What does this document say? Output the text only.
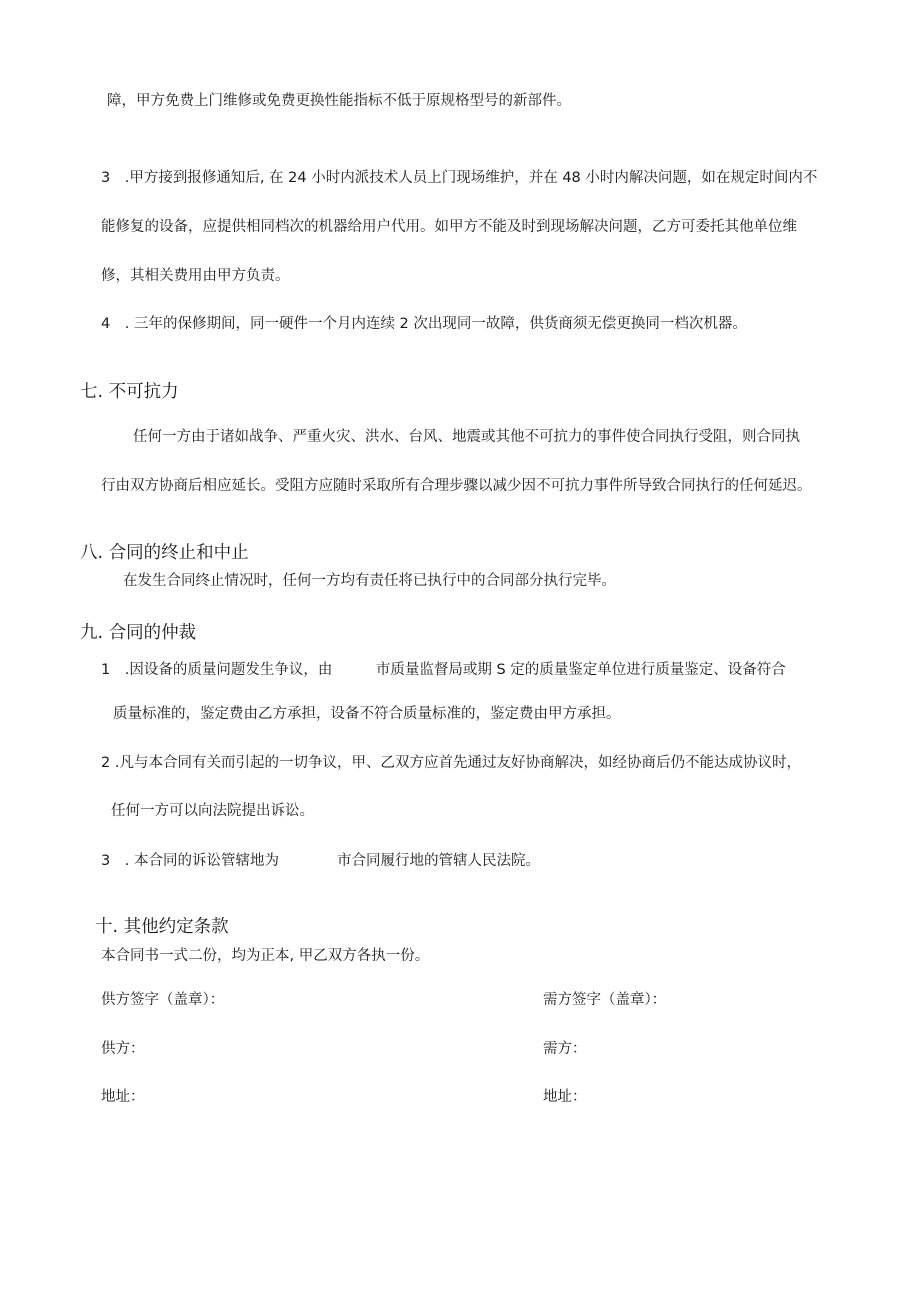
障，甲方免费上门维修或免费更换性能指标不低于原规格型号的新部件。
3　.甲方接到报修通知后, 在 24 小时内派技术人员上门现场维护，并在 48 小时内解决问题，如在规定时间内不
能修复的设备，应提供相同档次的机器给用户代用。如甲方不能及时到现场解决问题，乙方可委托其他单位维
修，其相关费用由甲方负责。
4　. 三年的保修期间，同一硬件一个月内连续 2 次出现同一故障，供货商须无偿更换同一档次机器。
七. 不可抗力
任何一方由于诸如战争、严重火灾、洪水、台风、地震或其他不可抗力的事件使合同执行受阻，则合同执
行由双方协商后相应延长。受阻方应随时采取所有合理步骤以减少因不可抗力事件所导致合同执行的任何延迟。
八. 合同的终止和中止
在发生合同终止情况时，任何一方均有责任将已执行中的合同部分执行完毕。
九. 合同的仲裁
1　.因设备的质量问题发生争议，由　　　市质量监督局或期 S 定的质量鉴定单位进行质量鉴定、设备符合
质量标准的，鉴定费由乙方承担，设备不符合质量标准的，鉴定费由甲方承担。
2 .凡与本合同有关而引起的一切争议，甲、乙双方应首先通过友好协商解决，如经协商后仍不能达成协议时，
任何一方可以向法院提出诉讼。
3　. 本合同的诉讼管辖地为　　　　市合同履行地的管辖人民法院。
十. 其他约定条款
本合同书一式二份，均为正本, 甲乙双方各执一份。
供方签字（盖章）：	需方签字（盖章）：
供方：	需方：
地址：	地址：
